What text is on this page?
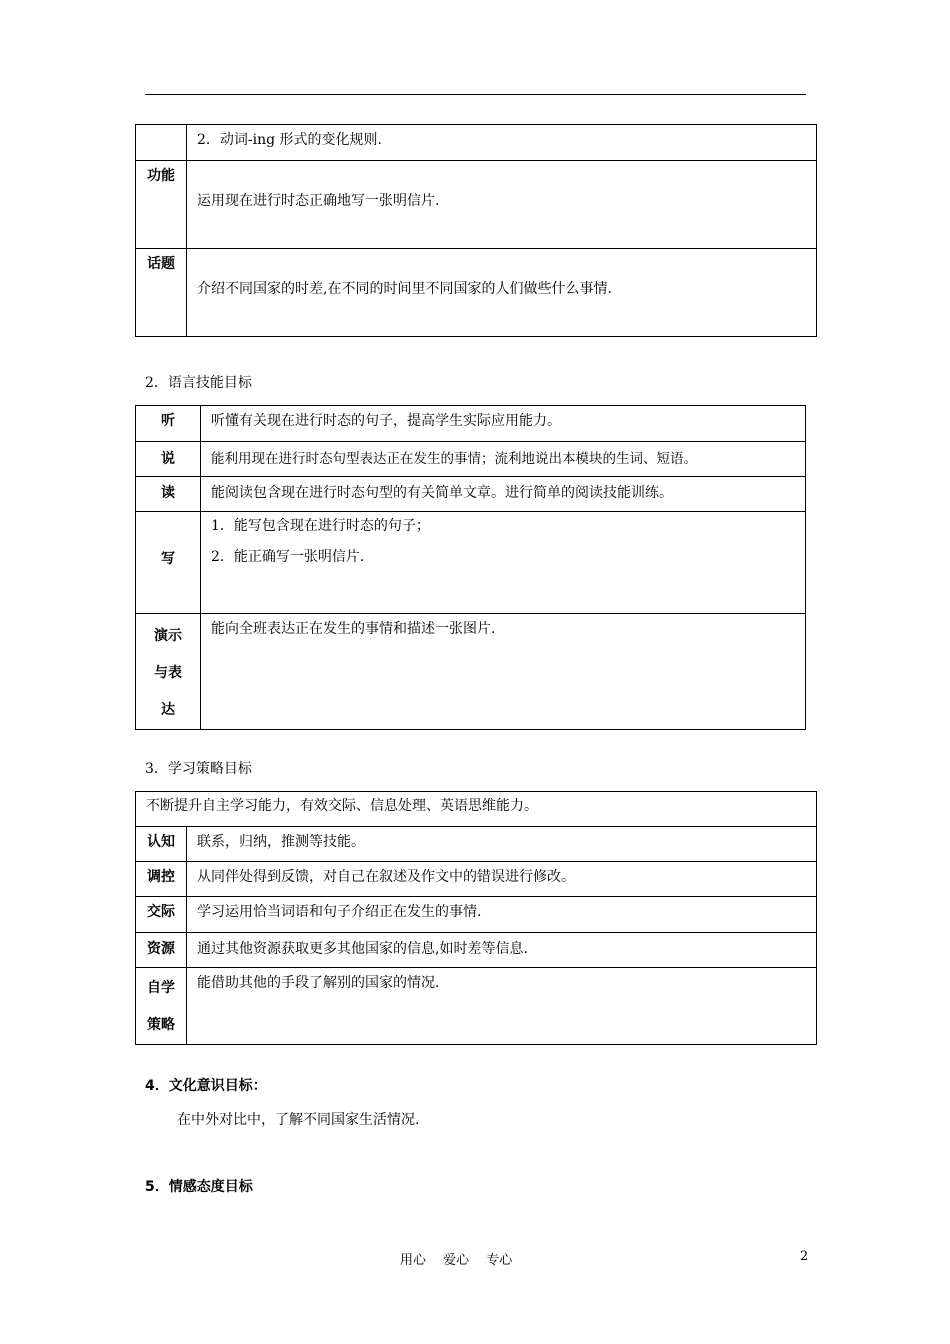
	2．动词-ing 形式的变化规则.
功能	运用现在进行时态正确地写一张明信片.
话题	介绍不同国家的时差,在不同的时间里不同国家的人们做些什么事情.
2．语言技能目标
听	听懂有关现在进行时态的句子，提高学生实际应用能力。
说	能利用现在进行时态句型表达正在发生的事情；流利地说出本模块的生词、短语。
读	能阅读包含现在进行时态句型的有关简单文章。进行简单的阅读技能训练。
写	1．能写包含现在进行时态的句子；
2．能正确写一张明信片.

演示
与表
达	能向全班表达正在发生的事情和描述一张图片.
3．学习策略目标
不断提升自主学习能力，有效交际、信息处理、英语思维能力。	
认知	联系，归纳，推测等技能。
调控	从同伴处得到反馈，对自己在叙述及作文中的错误进行修改。
交际	学习运用恰当词语和句子介绍正在发生的事情.
资源	通过其他资源获取更多其他国家的信息,如时差等信息.

自学
策略	能借助其他的手段了解别的国家的情况.
4．文化意识目标：
在中外对比中，了解不同国家生活情况.
5．情感态度目标
用心　 爱心　 专心	2
